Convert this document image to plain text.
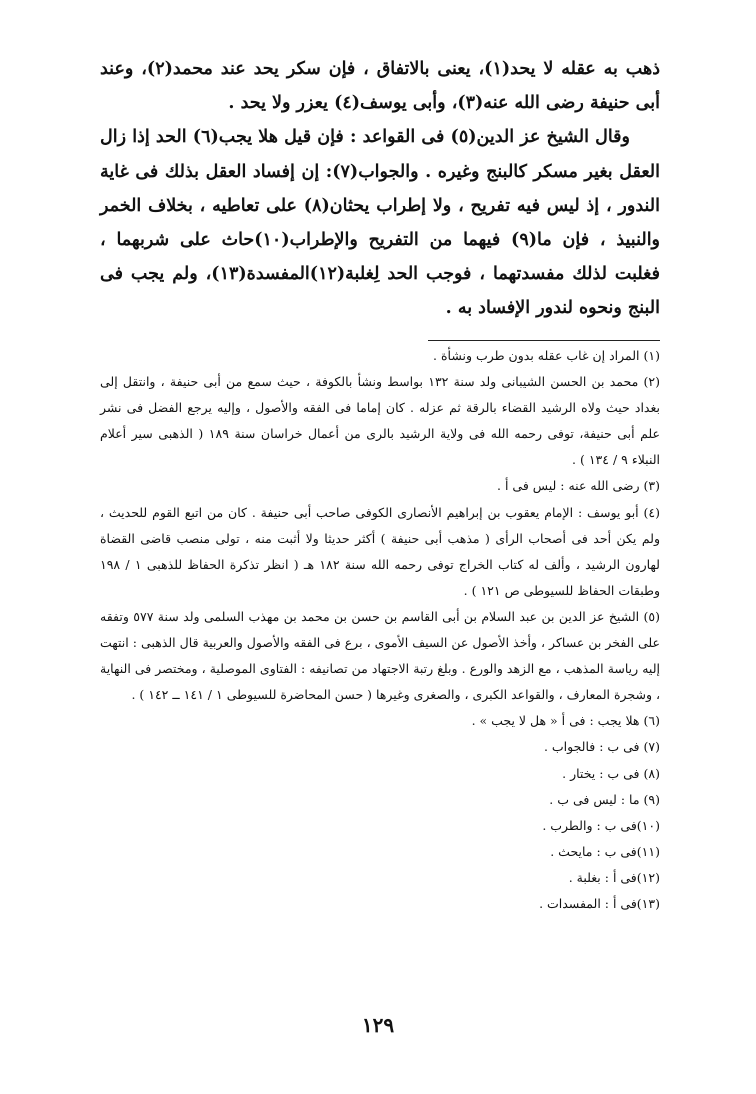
ذهب به عقله لا يحد(١)، يعنى بالاتفاق ، فإن سكر يحد عند محمد(٢)، وعند أبى حنيفة رضى الله عنه(٣)، وأبى يوسف(٤) يعزر ولا يحد .

وقال الشيخ عز الدين(٥) فى القواعد : فإن قيل هلا يجب(٦) الحد إذا زال العقل بغير مسكر كالبنج وغيره . والجواب(٧): إن إفساد العقل بذلك فى غاية الندور ، إذ ليس فيه تفريح ، ولا إطراب يحثان(٨) على تعاطيه ، بخلاف الخمر والنبيذ ، فإن ما(٩) فيهما من التفريح والإطراب(١٠)حاث على شربهما ، فغلبت لذلك مفسدتهما ، فوجب الحد لِغلبة(١٢)المفسدة(١٣)، ولم يجب فى البنج ونحوه لندور الإفساد به .

(١) المراد إن غاب عقله بدون طرب ونشأة .

(٢) محمد بن الحسن الشيبانى ولد سنة ١٣٢ بواسط ونشأ بالكوفة ، حيث سمع من أبى حنيفة ، وانتقل إلى بغداد حيث ولاه الرشيد القضاء بالرقة ثم عزله . كان إماما فى الفقه والأصول ، وإليه يرجع الفضل فى نشر علم أبى حنيفة، توفى رحمه الله فى ولاية الرشيد بالرى من أعمال خراسان سنة ١٨٩ ( الذهبى سير أعلام النبلاء ٩ / ١٣٤ ) .

(٣) رضى الله عنه : ليس فى أ .

(٤) أبو يوسف : الإمام يعقوب بن إبراهيم الأنصارى الكوفى صاحب أبى حنيفة . كان من اتبع القوم للحديث ، ولم يكن أحد فى أصحاب الرأى ( مذهب أبى حنيفة ) أكثر حديثا ولا أثبت منه ، تولى منصب قاضى القضاة لهارون الرشيد ، وألف له كتاب الخراج توفى رحمه الله سنة ١٨٢ هـ ( انظر تذكرة الحفاظ للذهبى ١ / ١٩٨ وطبقات الحفاظ للسيوطى ص ١٢١ ) .

(٥) الشيخ عز الدين بن عبد السلام بن أبى القاسم بن حسن بن محمد بن مهذب السلمى ولد سنة ٥٧٧ وتفقه على الفخر بن عساكر ، وأخذ الأصول عن السيف الأموى ، برع فى الفقه والأصول والعربية قال الذهبى : انتهت إليه رياسة المذهب ، مع الزهد والورع . وبلغ رتبة الاجتهاد من تصانيفه : الفتاوى الموصلية ، ومختصر فى النهاية ، وشجرة المعارف ، والقواعد الكبرى ، والصغرى وغيرها ( حسن المحاضرة للسيوطى ١ / ١٤١ ــ ١٤٢ ) .

(٦) هلا يجب : فى أ « هل لا يجب » .

(٧) فى ب : فالجواب .

(٨) فى ب : يختار .

(٩) ما : ليس فى ب .

(١٠)فى ب : والطرب .

(١١)فى ب : مايحث .

(١٢)فى أ : بغلبة .

(١٣)فى أ : المفسدات .

١٢٩
